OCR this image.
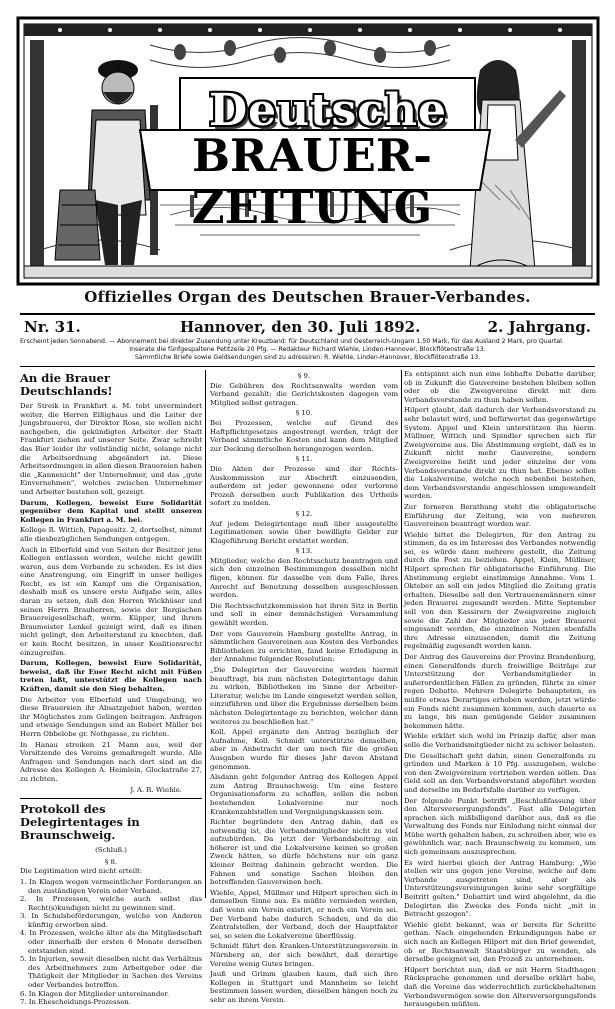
Deutsche
BRAUER-ZEITUNG
Offizielles Organ des Deutschen Brauer-Verbandes.
Nr. 31.	Hannover, den 30. Juli 1892.	2. Jahrgang.

Erscheint jeden Sonnabend. — Abonnement bei direkter Zusendung unter Kreuzband: für Deutschland und Oesterreich-Ungarn 1.50 Mark, für das Ausland 2 Mark, pro Quartal.

Inserate die fünfgespaltene Petitzeile 20 Pfg. — Redakteur Richard Wiehle, Linden-Hannover, Blockflötenstraße 13.

Sämmtliche Briefe sowie Geldsendungen sind zu adressiren: R. Wiehle, Linden-Hannover, Blockflötenstraße 13.

An die Brauer Deutschlands!

Der Streik in Frankfurt a. M. tobt unvermindert weiter, die Herren Elßighaus und die Leiter der Jungsbrauerei, der Direktor Rose, sie wollen nicht nachgeben, die gekündigten Arbeiter der Stadt Frankfurt ziehen auf unserer Seite. Zwar schreibt das Bier leider ihr vollständig nicht, solange nicht die Arbeitsordnung abgeändert ist. Diese Arbeitsordnungen in allen diesen Brauereien haben die „Kannenicht" der Unternehmer, und das „gute Einvernehmen", welches zwischen Unternehmer und Arbeiter bestehen soll, gezeigt.

Darum, Kollegen, beweist Eure Solidarität gegenüber dem Kapital und stellt unseren Kollegen in Frankfurt a. M. bei.

Kollege R. Wittich, Papagesitz. 2, dortselbst, nimmt alle diesbezüglichen Sendungen entgegen.

Auch in Elberfeld sind von Seiten der Besitzer jene Kollegen entlassen worden, welche nicht gewillt waren, aus dem Verbande zu scheiden. Es ist dies eine Anstrengung, ein Eingriff in unser heiliges Recht, es ist ein Kampf um die Organisation, deshalb muß es unsere erste Aufgabe sein, alles daran zu setzen, daß den Herren Wickhüser und seinen Herrn Brauherren, sowie der Bergischen Brauereigesellschaft, worm. Küpper, und ihrem Braumeister Lenkel gezeigt wird, daß es ihnen nicht gelingt, den Arbeiterstand zu knechten, daß er kein Recht besitzen, in unser Koalitionsrecht einzugreifen.

Darum, Kollegen, beweist Eure Solidarität, beweist, daß ihr Euer Recht nicht mit Füßen treten laßt, unterstützt die Kollegen nach Kräften, damit sie den Sieg behalten.

Die Arbeiter von Elberfeld und Umgebung, wo diese Brauereien ihr Absatzgebiet haben, werden ihr Möglichstes zum Gelingen beitragen. Anfragen und etwaige Sendungen sind an Robert Müller bei Herrn Obbelobe gr. Nothgasse, zu richten.

In Hanau streiken 21 Mann aus, weil der Vorsitzende des Vereins gemaßregelt wurde. Alle Anfragen und Sendungen nach dort sind an die Adresse des Kollegen A. Heimlein, Glockstraße 27, zu richten.

J. A. R. Wiehle.

Protokoll des Delegirtentages in Braunschweig.

(Schluß.)

§ 8.

Die Legitimation wird nicht erteilt:

1. In Klagen wegen vermeintlicher Forderungen an den zuständigen Verein oder Verband.
2. In Prozessen, welche auch selbst das Recht(s)kundigen nicht zu gewinnen sind.
3. In Schulsbeförderungen, welche von Anderen künftig erworben sind.
4. In Prozessen, welche älter als die Mitgliedschaft oder innerhalb der ersten 6 Monate derselben entstanden sind.
5. In Injurien, soweit dieselben nicht das Verhältnis des Arbeitnehmers zum Arbeitgeber oder die Thätigkeit der Mitglieder in Sachen des Vereins oder Verbandes betreffen.
6. In Klagen der Mitglieder untereinander.
7. In Ehescheidungs-Prozessen.

§ 9.

Die Gebühren des Rechtsanwalts werden vom Verband gezahlt; die Gerichtskosten dagegen vom Mitglied selbst getragen.

§ 10.

Bei Prozessen, welche auf Grund des Haftpflichtgesetzes angestrengt werden, trägt der Verband sämmtliche Kosten und kann dem Mitglied zur Deckung derselben herangezogen werden.

§ 11.

Die Akten der Prozesse sind der Rechts-Auskommission zur Abschrift einzusenden, außerdem ist jeder gewonnene oder verlorene Prozeß derselben auch Publikation des Urtheils sofort zu melden.

§ 12.

Auf jedem Delegirtentage muß über ausgestellte Legitimationen sowie über bewilligte Gelder zur Klageführung Bericht erstattet werden.

§ 13.

Mitglieder, welche den Rechtsschutz beantragen und sich den einzelnen Bestimmungen desselben nicht fügen, können für dasselbe von dem Falle, ihres Anrecht auf Benutzung desselben ausgeschlossen werden.

Die Rechtsschutzkommission hat ihren Sitz in Berlin und soll in einer demnächstigen Versammlung gewählt werden.

Der vom Gauverein Hamburg gestellte Antrag, in sämmtlichen Gauvereinen aus Kosten des Verbandes Bibliotheken zu errichten, fand keine Erledigung in der Annahme folgender Resolution:

„Die Delegirten der Gauvereine werden hiermit beauftragt, bis zum nächsten Delegirtentage dahin zu wirken, Bibliotheken im Sinne der Arbeiter-Literatur, welche im Lande eingesetzt werden sollen, einzuführen und über die Ergebnisse derselben beim nächsten Delegirtentage zu berichten, welcher dann weiteres zu beschließen hat."

Koll. Appel ergänzte den Antrag bezüglich der Aufnahme, Koll. Schmidt unterstützte denselben, aber in Anbetracht der um noch für die großen Ausgaben wurde für dieses Jahr davon Abstand genommen.

Alsdann geht folgender Antrag des Kollegen Appel zum Antrag Braunschweig: Um eine festere Organisationsform zu schaffen, sollen die neben bestehenden Lokalvereine nur noch Krankenzahlstellen und Vergnügungskassen sein.

Richter begründete den Antrag dahin, daß es notwendig ist, die Verbandsmitglieder nicht zu viel aufzubürden. Da jetzt der Verbandsbeitrag ein höherer ist und die Lokalvereine keinen so großen Zweck hätten, so dürfe höchstens nur ein ganz kleiner Beitrag dahinein gebracht werden. Die Fahnen und sonstige Sachen bleiben den betreffenden Gauvereinen hoch.

Wiehle, Appel, Müllmer und Hilpert sprechen sich in demselben Sinne aus. Es müßte vermieden werden, daß wenn ein Verein existirt, er noch ein Verein sei. Der Verband habe dadurch Schaden, und da die Zentralstellen, der Verband, doch der Hauptfaktor sei, so seien die Lokalvereine überflüssig.

Schmidt führt den Kranken-Unterstützungsverein in Nürnberg an, der sich bewährt, daß derartige Vereine wenig Gutes bringen.

Jauß und Grimm glauben kaum, daß sich ihre Kollegen in Stuttgart und Mannheim so leicht bestimmen lassen werden, dieselben hängen noch zu sehr an ihrem Verein.

Es entspinnt sich nun eine lebhafte Debatte darüber, ob in Zukunft die Gauvereine bestehen bleiben sollen oder ob die Zweigvereine direkt mit dem Verbandsvorstande zu thun haben sollen.

Hilpert glaubt, daß dadurch der Verbandsvorstand zu sehr belastet wird, und befürwortet das gegenwärtige System. Appel und Klein unterstützen ihn hierin. Müllmer, Wittich und Spindler sprechen sich für Zweigvereine aus. Die Abstimmung ergiebt, daß es in Zukunft nicht mehr Gauvereine, sondern Zweigvereine heißt und jeder einzelne der vom Verbandsvorstande direkt zu thun hat. Ebenso sollen die Lokalvereine, welche noch nebenbei bestehen, dem Verbandsvorstande angeschlossen umgewandelt werden.

Zur ferneren Berathung steht die obligatorische Einführung der Zeitung, wie von mehreren Gauvereinen beantragt worden war.

Wiehle bittet die Delegirten, für den Antrag zu stimmen, da es im Interesse des Verbandes notwendig sei, es würde dann mehrere gestellt, die Zeitung durch die Post zu beziehen. Appel, Klein, Müllmer, Hilpert sprechen für obligatorische Einführung. Die Abstimmung ergiebt einstimmige Annahme. Vom 1. Oktober an soll ein jedes Mitglied die Zeitung gratis erhalten. Dieselbe soll den Vertrauensmännern einer jeden Brauerei zugesandt werden. Mitte September soll von den Kassirern der Zweigvereine zugleich sowie die Zahl der Mitglieder aus jeder Brauerei eingesandt werden, die einzelnen Notizen ebenfalls ihre Adresse einzusenden, damit die Zeitung regelmäßig zugesandt werden kann.

Der Antrag des Gauvereins der Provinz Brandenburg, einen Generalfonds durch freiwillige Beiträge zur Unterstützung der Verbandsmitglieder in außerordentlichen Fällen zu gründen, führte zu einer regen Debatte. Mehrere Delegirte behaupteten, es müßte etwas Derartiges erhoben werden, jetzt würde ein Fonds nicht zusammen kommen, auch dauerte es zu lange, bis man genügende Gelder zusammen bekommen hätte.

Wiehle erklärt sich wohl im Prinzip dafür, aber man solle die Verbandsmitglieder nicht zu schwer belasten.

Die Gesellschaft geht dahin, einen Generalfonds zu gründen und Marken à 10 Pfg. auszugeben, welche von den Zweigvereinen vertrieben werden sollen. Das Geld soll an den Verbandsvorstand abgeführt werden und derselbe im Bedarfsfalle darüber zu verfügen.

Der folgende Punkt betrifft „Beschlußfassung über den Altersversorgungsfonds". Fast alle Delegirten sprachen sich mißbilligend darüber aus, daß es die Verwaltung des Fonds nur Einladung nicht einmal der Mühe werth gehalten haben, zu schreiben aber, wie es gewöhnlich war, nach Braunschweig zu kommen, um sich gemeinsam auszusprechen.

Es wird hierbei gleich der Antrag Hamburg: „Wie stellen wir uns gegen jene Vereine, welche auf dem Verbande ausgetreten sind, aber als Unterstützungsvereinigungen keine sehr sorgfältige Beitritt gelten." Debattirt und wird abgelehnt, da die Delegirten die Zwecke des Fonds nicht „mit in Betracht gezogen".

Wiehle giebt bekannt, was er bereits für Schritte gethan. Nach eingehenden Erkundigungen habe er sich nach an Kollegen Hilpert mit den Brief gewendet, ob er Rechtsanwalt Staatsbürger zu wenden, als derselbe geeignet sei, den Prozeß zu unternehmen.

Hilpert berichtet nun, daß er mit Herrn Stadthagen Rücksprache genommen und derselbe erklärt habe, daß die Vereine das widerrechtlich zurückbehaltenen Verbandsvermögen sowie den Altersversorgungsfonds herausgeben müßten.
